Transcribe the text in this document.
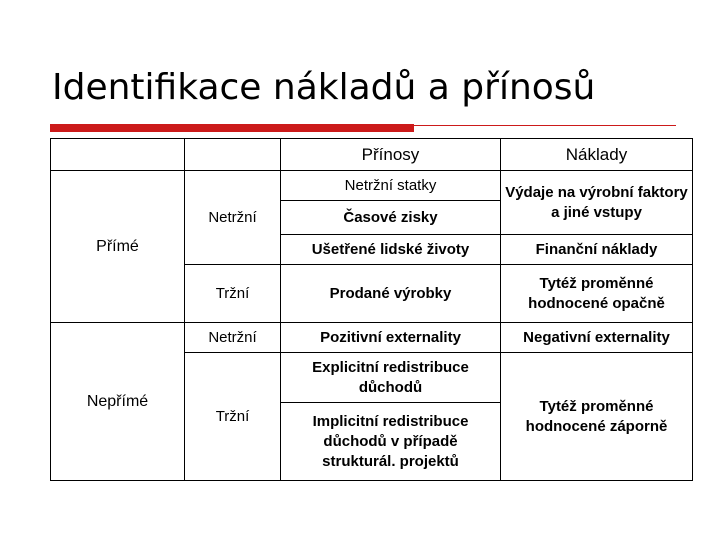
Identifikace nákladů a přínosů
		Přínosy	Náklady
Přímé	Netržní	Netržní statky	Výdaje na výrobní faktory a jiné vstupy
		Časové zisky	
		Ušetřené lidské životy	Finanční náklady
	Tržní	Prodané výrobky	Tytéž proměnné hodnocené opačně
Nepřímé	Netržní	Pozitivní externality	Negativní externality
	Tržní	Explicitní redistribuce důchodů	Tytéž proměnné hodnocené záporně
		Implicitní redistribuce důchodů v případě strukturál. projektů	
